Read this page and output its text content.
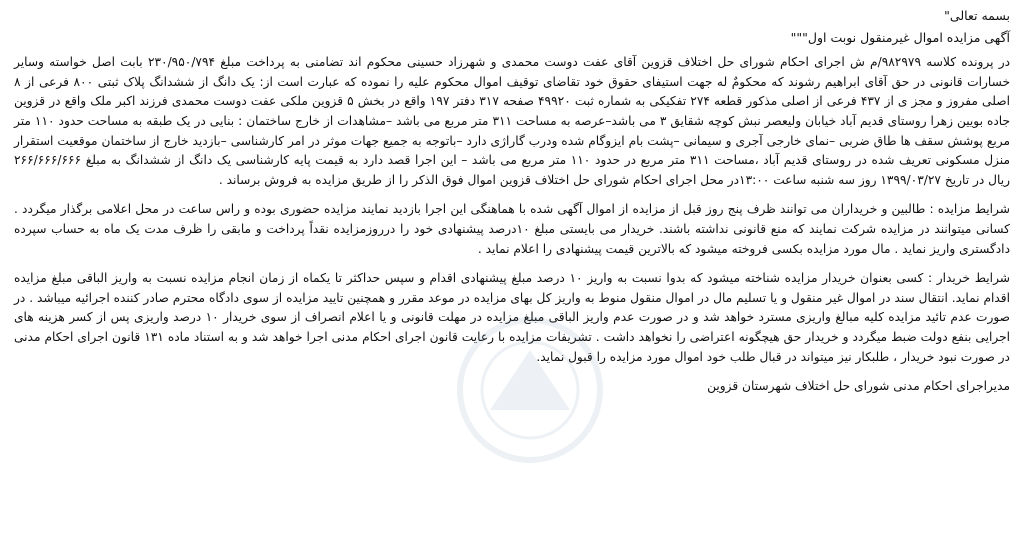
بسمه تعالی"

آگهی مزایده اموال غیرمنقول نوبت اول"""

در پرونده کلاسه ۹۸۲۹۷۹/م ش اجرای احکام شورای حل اختلاف قزوین آقای عفت دوست محمدی و شهرزاد حسینی محکوم اند تضامنی به پرداخت مبلغ ۲۳۰/۹۵۰/۷۹۴ بابت اصل خواسته وسایر خسارات قانونی در حق آقای ابراهیم رشوند که محکومٌ له جهت استیفای حقوق خود تقاضای توقیف اموال محکوم علیه را نموده که عبارت است از: یک دانگ از ششدانگ پلاک ثبتی ۸۰۰ فرعی از ۸ اصلی مفروز و مجز ی از ۴۳۷ فرعی از اصلی مذکور قطعه ۲۷۴ تفکیکی به شماره ثبت ۴۹۹۲۰ صفحه ۳۱۷ دفتر ۱۹۷ واقع در بخش ۵ قزوین ملکی عفت دوست محمدی فرزند اکبر ملک واقع در قزوین جاده بویین زهرا روستای قدیم آباد خیابان ولیعصر نبش کوچه شقایق ۳ می باشد–عرصه به مساحت ۳۱۱ متر مربع می باشد –مشاهدات از خارج ساختمان : بنایی در یک طبقه به مساحت حدود ۱۱۰ متر مربع پوشش سقف ها طاق ضربی –نمای خارجی آجری و سیمانی –پشت بام ایزوگام شده ودرب گاراژی دارد –باتوجه به جمیع جهات موثر در امر کارشناسی –بازدید خارج از ساختمان موقعیت استقرار منزل مسکونی تعریف شده در روستای قدیم آباد ،مساحت ۳۱۱ متر مربع در حدود ۱۱۰ متر مربع می باشد – این اجرا قصد دارد به قیمت پایه کارشناسی یک دانگ از ششدانگ به مبلغ ۲۶۶/۶۶۶/۶۶۶ ریال در تاریخ ۱۳۹۹/۰۳/۲۷ روز سه شنبه ساعت ۱۳:۰۰در محل اجرای احکام شورای حل اختلاف قزوین اموال فوق الذکر را از طریق مزایده به فروش برساند .

شرایط مزایده : طالبین و خریداران می توانند ظرف پنج روز قبل از مزایده از اموال آگهی شده با هماهنگی این اجرا بازدید نمایند مزایده حضوری بوده و راس ساعت در محل اعلامی برگذار میگردد . کسانی میتوانند در مزایده شرکت نمایند که منع قانونی نداشته باشند. خریدار می بایستی مبلغ ۱۰درصد پیشنهادی خود را درروزمزایده نقداً پرداخت و مابقی را ظرف مدت یک ماه به حساب سپرده دادگستری واریز نماید . مال مورد مزایده بکسی فروخته میشود که بالاترین قیمت پیشنهادی را اعلام نماید .

شرایط خریدار : کسی بعنوان خریدار مزایده شناخته میشود که بدوا نسبت به واریز ۱۰ درصد مبلغ پیشنهادی اقدام و سپس حداکثر تا یکماه از زمان انجام مزایده نسبت به واریز الباقی مبلغ مزایده اقدام نماید. انتقال سند در اموال غیر منقول و یا تسلیم مال در اموال منقول منوط به واریز کل بهای مزایده در موعد مقرر و همچنین تایید مزایده از سوی دادگاه محترم صادر کننده اجرائیه میباشد . در صورت عدم تائید مزایده کلیه مبالغ واریزی مسترد خواهد شد و در صورت عدم واریز الباقی مبلغ مزایده در مهلت قانونی و یا اعلام انصراف از سوی خریدار ۱۰ درصد واریزی پس از کسر هزینه های اجرایی بنفع دولت ضبط میگردد و خریدار حق هیچگونه اعتراضی را نخواهد داشت . تشریفات مزایده با رعایت قانون اجرای احکام مدنی اجرا خواهد شد و به استناد ماده ۱۳۱ قانون اجرای احکام مدنی در صورت نبود خریدار ، طلبکار نیز میتواند در قبال طلب خود اموال مورد مزایده را قبول نماید.

مدیراجرای احکام مدنی شورای حل اختلاف شهرستان قزوین
